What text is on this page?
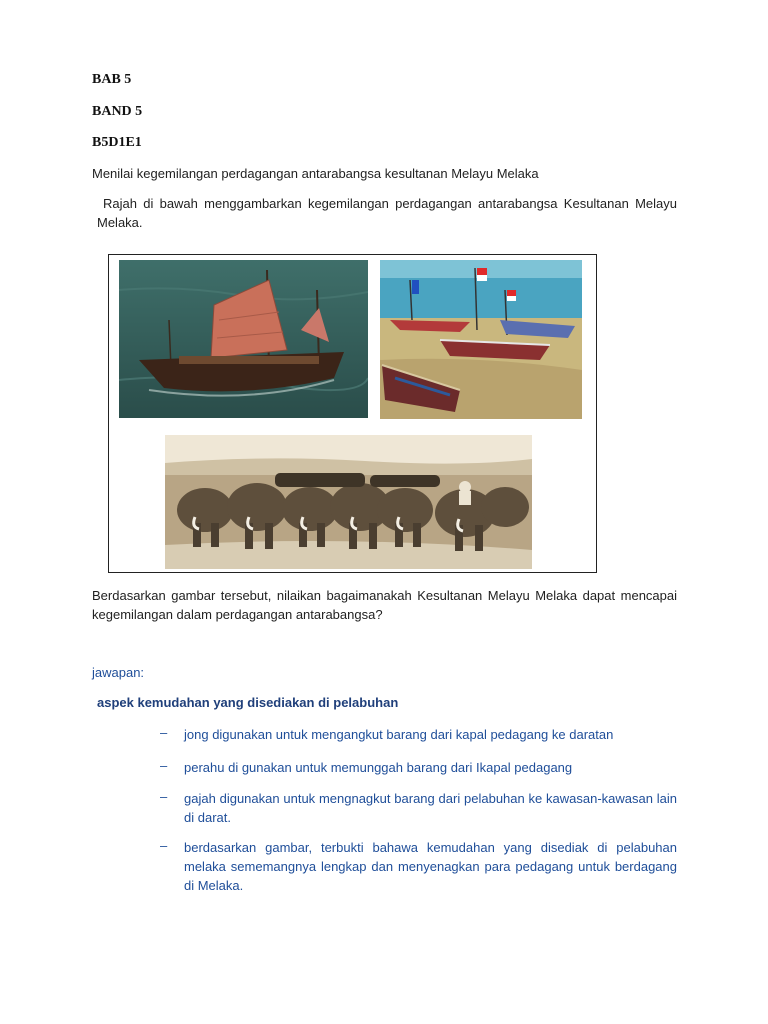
BAB 5
BAND 5
B5D1E1
Menilai kegemilangan perdagangan antarabangsa kesultanan Melayu Melaka
Rajah di bawah menggambarkan kegemilangan perdagangan antarabangsa Kesultanan Melayu Melaka.
Berdasarkan gambar tersebut, nilaikan bagaimanakah Kesultanan Melayu Melaka dapat mencapai kegemilangan dalam perdagangan antarabangsa?
jawapan:
aspek kemudahan yang disediakan di pelabuhan
– jong digunakan untuk mengangkut barang dari kapal pedagang ke daratan
– perahu di gunakan untuk memunggah barang dari Ikapal pedagang
– gajah digunakan untuk mengnagkut barang dari pelabuhan ke kawasan-kawasan lain di darat.
– berdasarkan gambar, terbukti bahawa kemudahan yang disediak di pelabuhan melaka sememangnya lengkap dan menyenagkan para pedagang untuk berdagang di Melaka.
